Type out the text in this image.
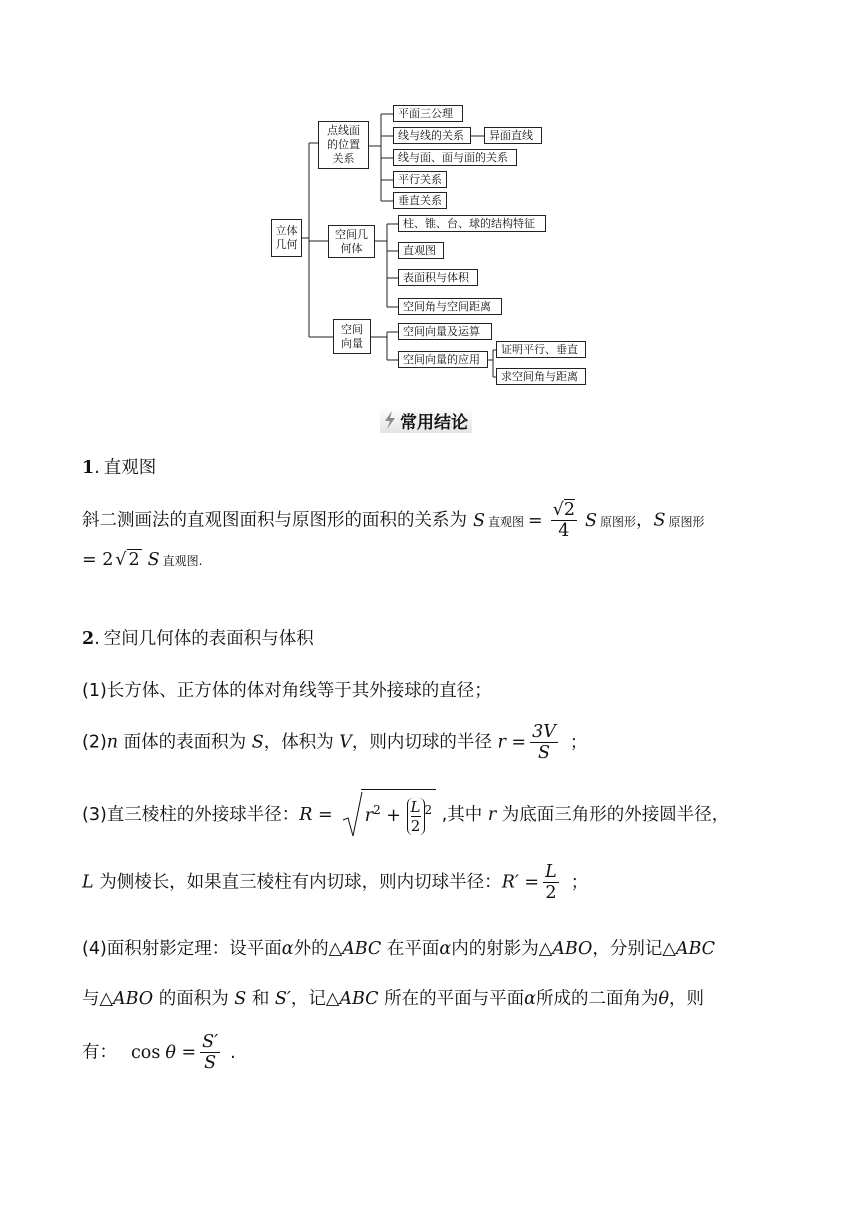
立体
几何
点线面
的位置
关系
空间几
何体
空间
向量
平面三公理
线与线的关系	异面直线
线与面、面与面的关系
平行关系
垂直关系
柱、锥、台、球的结构特征
直观图
表面积与体积
空间角与空间距离
空间向量及运算
空间向量的应用
证明平行、垂直
求空间角与距离
常用结论
1. 直观图
斜二测画法的直观图面积与原图形的面积的关系为 S 直观图 = $\frac{√2}{4}$ S 原图形，S 原图形
= 2 √ 2 S 直观图.
2. 空间几何体的表面积与体积
(1)长方体、正方体的体对角线等于其外接球的直径；
(2)n 面体的表面积为 S，体积为 V，则内切球的半径 $r = \frac{3V}{S}$ ；
(3)直三棱柱的外接球半径：$R = r^2 + \frac{L}{2} ^2$ ,其中 r 为底面三角形的外接圆半径，
L 为侧棱长，如果直三棱柱有内切球，则内切球半径：$R' = \frac{L}{2}$ ；
(4)面积射影定理：设平面α外的△ABC 在平面α内的射影为△ABO，分别记△ABC
与△ABO 的面积为 S 和 S′，记△ABC 所在的平面与平面α所成的二面角为θ，则
有： $\cos \theta = \frac{S'}{S}$ .
